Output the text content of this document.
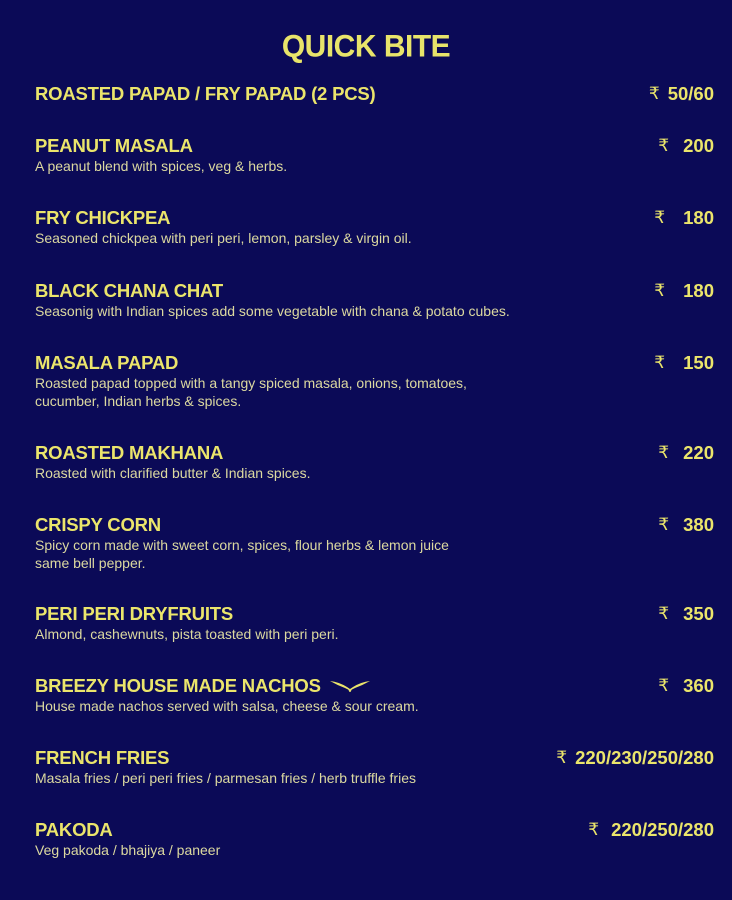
QUICK BITE
ROASTED PAPAD / FRY PAPAD (2 PCS)	₹ 50/60
PEANUT MASALA
A peanut blend with spices, veg & herbs.
₹ 200
FRY CHICKPEA
Seasoned chickpea with peri peri, lemon, parsley & virgin oil.
₹ 180
BLACK CHANA CHAT
Seasonig with Indian spices add some vegetable with chana & potato cubes.
₹ 180
MASALA PAPAD
Roasted papad topped with a tangy spiced masala, onions, tomatoes, cucumber, Indian herbs & spices.
₹ 150
ROASTED MAKHANA
Roasted with clarified butter & Indian spices.
₹ 220
CRISPY CORN
Spicy corn made with sweet corn, spices, flour herbs & lemon juice same bell pepper.
₹ 380
PERI PERI DRYFRUITS
Almond, cashewnuts, pista toasted with peri peri.
₹ 350
BREEZY HOUSE MADE NACHOS
House made nachos served with salsa, cheese & sour cream.
₹ 360
FRENCH FRIES
Masala fries / peri peri fries / parmesan fries / herb truffle fries
₹ 220/230/250/280
PAKODA
Veg pakoda / bhajiya / paneer
₹ 220/250/280
